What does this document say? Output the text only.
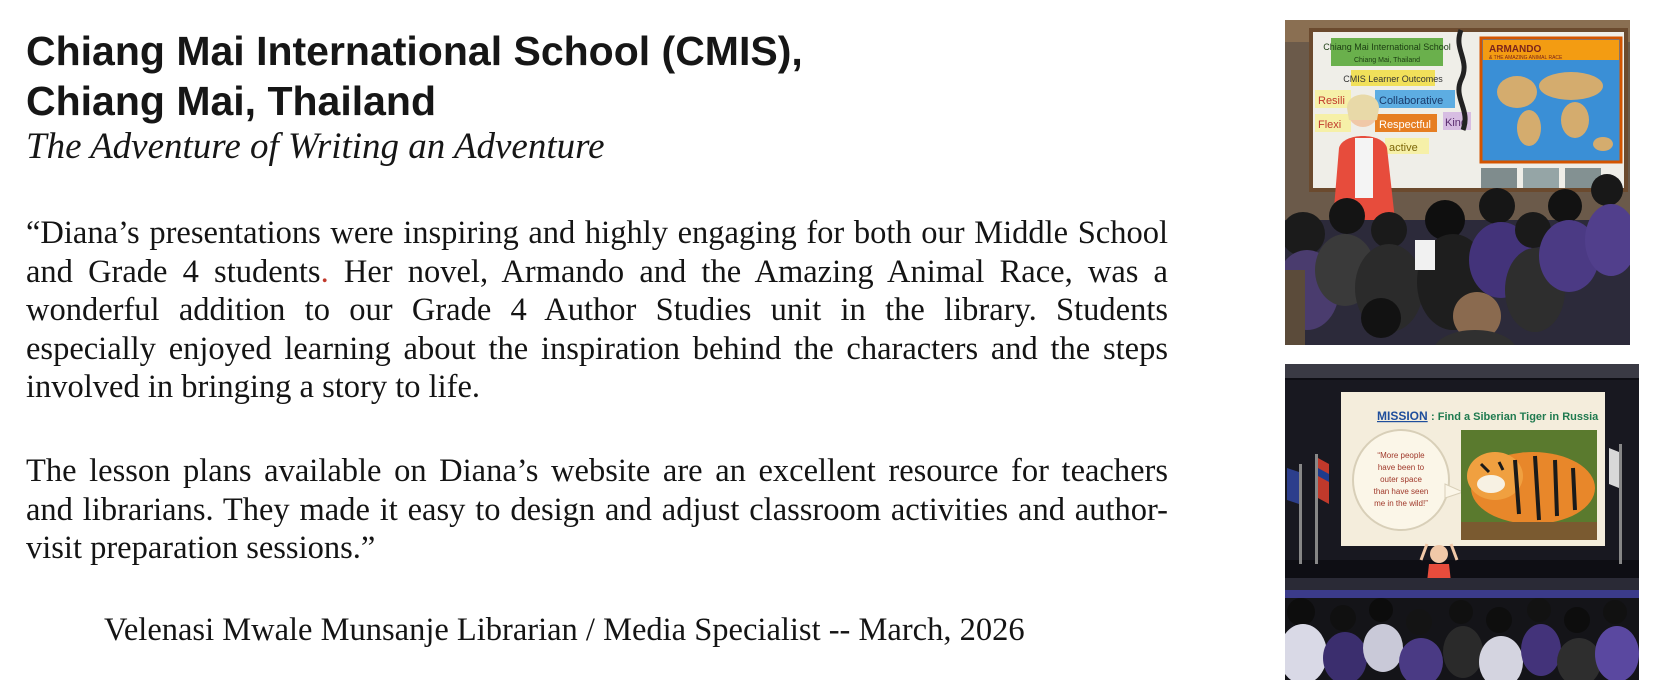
Chiang Mai International School (CMIS),
Chiang Mai, Thailand
The Adventure of Writing an Adventure

“Diana’s presentations were inspiring and highly engaging for both our Middle School and Grade 4 students. Her novel, Armando and the Amazing Animal Race, was a wonderful addition to our Grade 4 Author Studies unit in the library. Students especially enjoyed learning about the inspiration behind the characters and the steps involved in bringing a story to life.

The lesson plans available on Diana’s website are an excellent resource for teachers and librarians. They made it easy to design and adjust classroom activities and author-visit preparation sessions.”

Velenasi Mwale Munsanje Librarian / Media Specialist -- March, 2026
Chiang Mai International School
Chiang Mai, Thailand
CMIS Learner Outcomes
Resili	Collaborative
Flexi	Respectful Kind
active
ARMANDO
& THE AMAZING ANIMAL RACE
MISSION : Find a Siberian Tiger in Russia
“More people
have been to
outer space
than have seen
me in the wild!”
